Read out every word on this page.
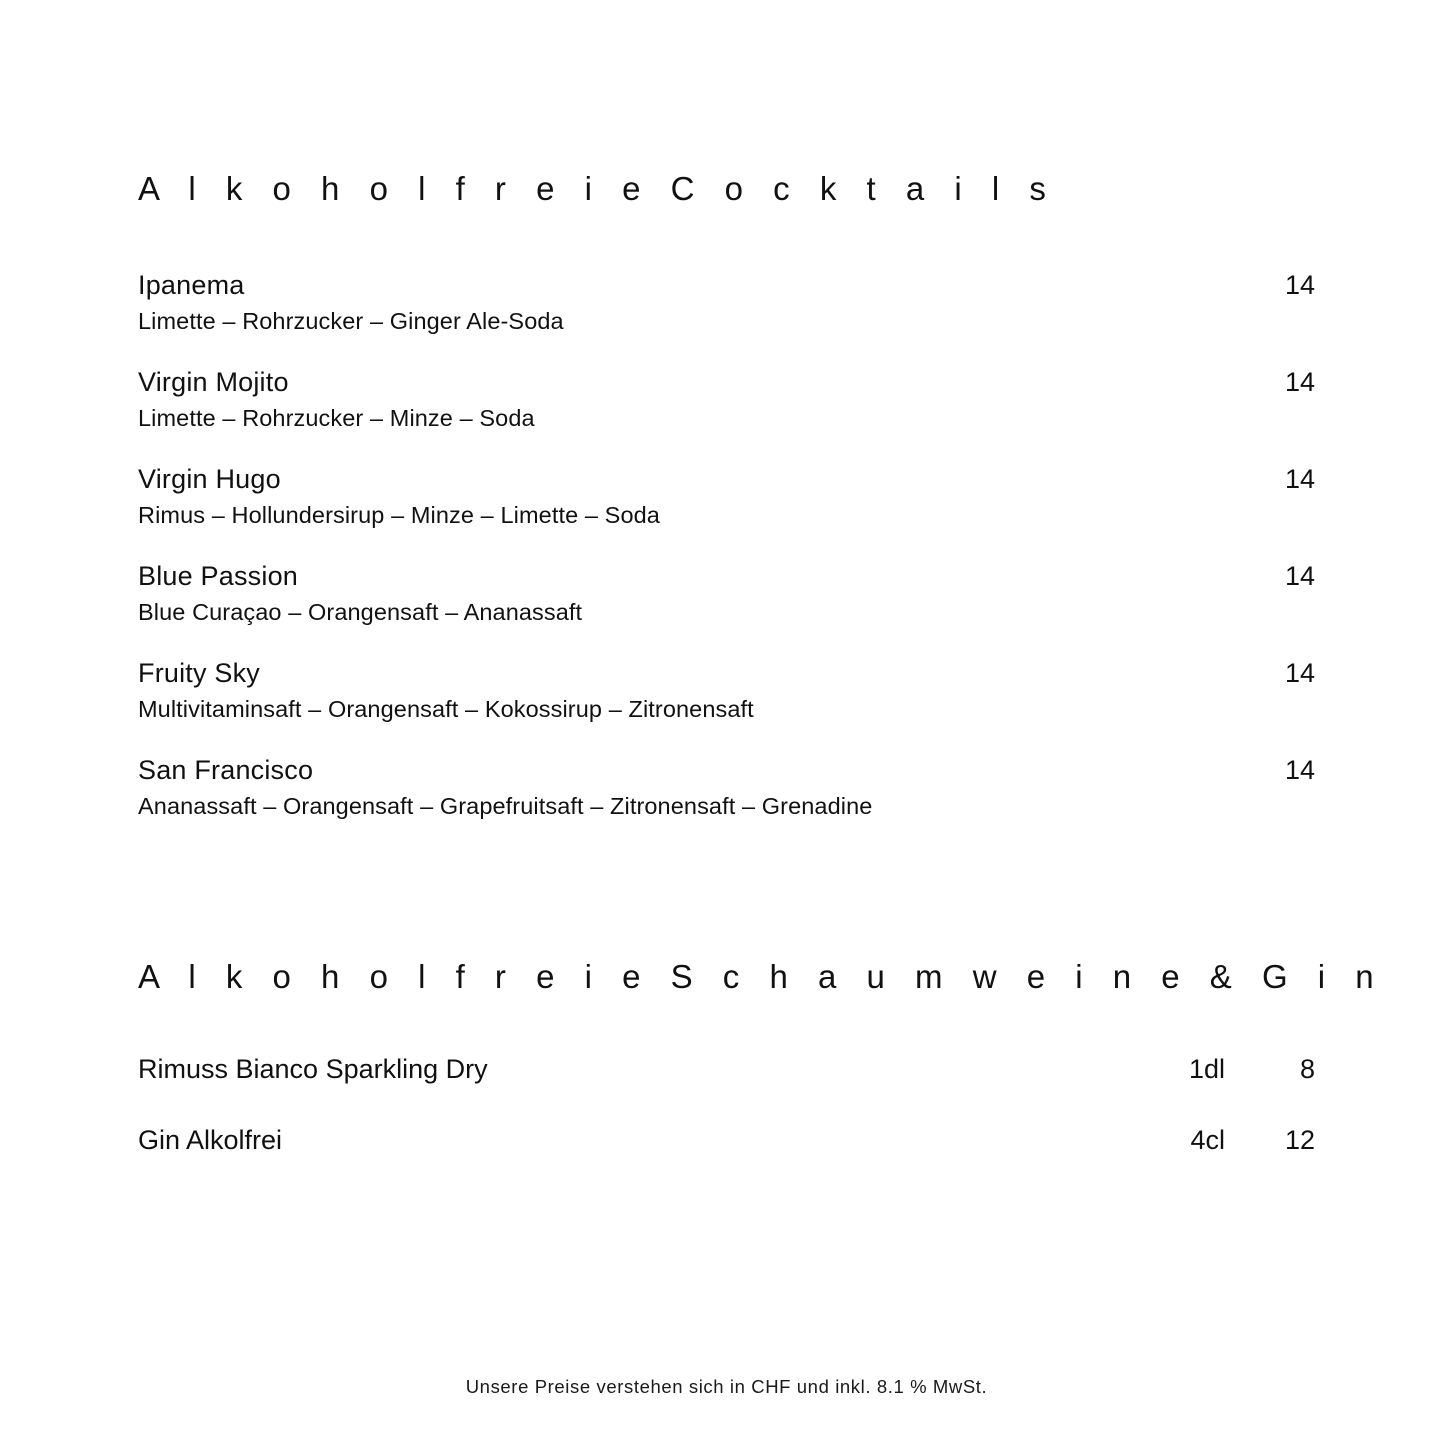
A l k o h o l f r e i e C o c k t a i l s
Ipanema	14
Limette – Rohrzucker – Ginger Ale-Soda
Virgin Mojito	14
Limette – Rohrzucker – Minze – Soda
Virgin Hugo	14
Rimus – Hollundersirup – Minze – Limette – Soda
Blue Passion	14
Blue Curaçao – Orangensaft – Ananassaft
Fruity Sky	14
Multivitaminsaft – Orangensaft – Kokossirup – Zitronensaft
San Francisco	14
Ananassaft – Orangensaft – Grapefruitsaft – Zitronensaft – Grenadine
A l k o h o l f r e i e S c h a u m w e i n e & G i n
Rimuss Bianco Sparkling Dry	1dl	8
Gin Alkolfrei	4cl	12
Unsere Preise verstehen sich in CHF und inkl. 8.1 % MwSt.
